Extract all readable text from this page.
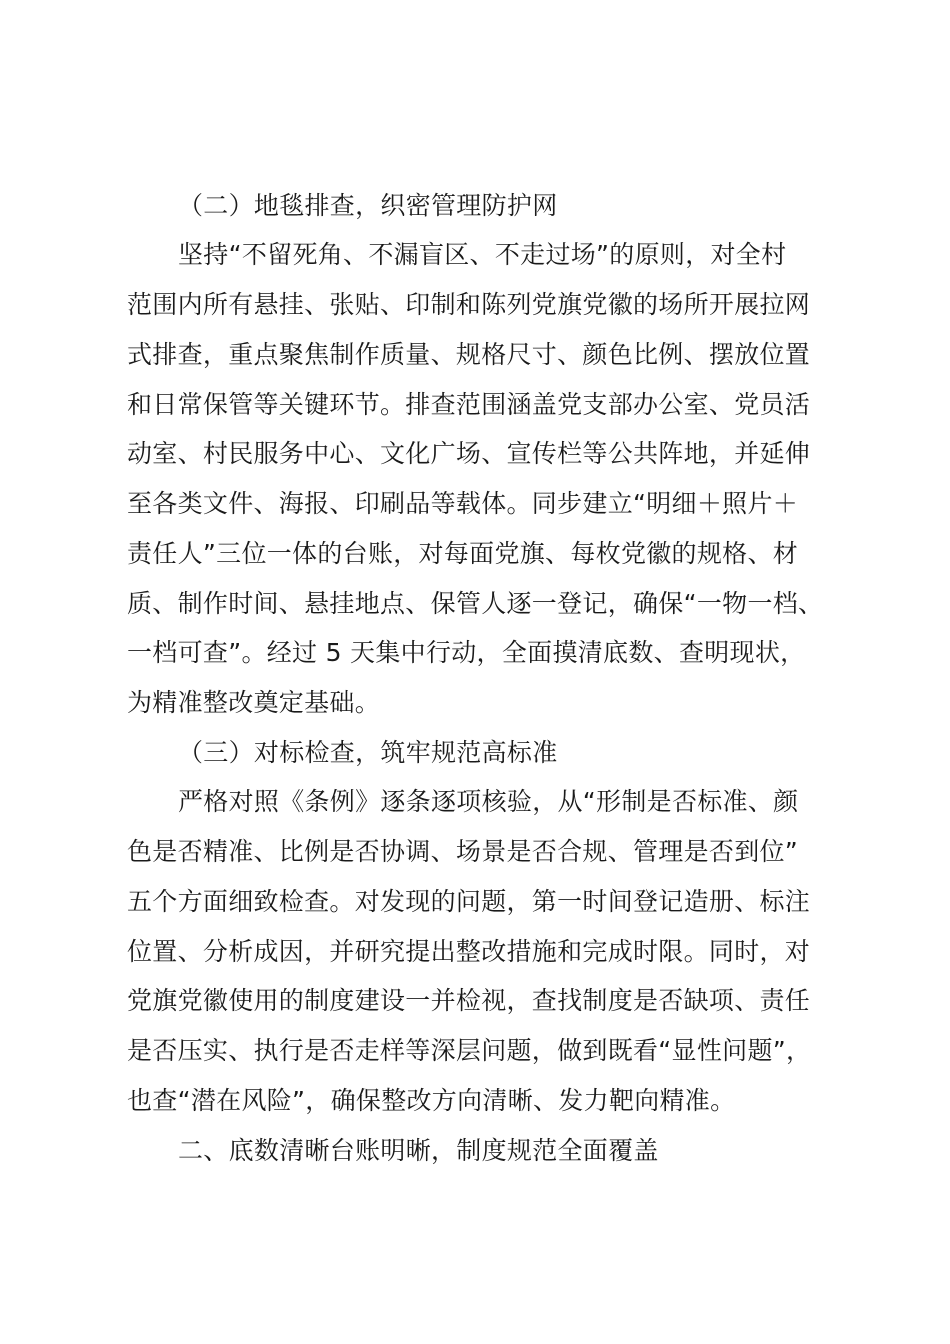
（二）地毯排查，织密管理防护网
坚持“不留死角、不漏盲区、不走过场”的原则，对全村
范围内所有悬挂、张贴、印制和陈列党旗党徽的场所开展拉网
式排查，重点聚焦制作质量、规格尺寸、颜色比例、摆放位置
和日常保管等关键环节。排查范围涵盖党支部办公室、党员活
动室、村民服务中心、文化广场、宣传栏等公共阵地，并延伸
至各类文件、海报、印刷品等载体。同步建立“明细＋照片＋
责任人”三位一体的台账，对每面党旗、每枚党徽的规格、材
质、制作时间、悬挂地点、保管人逐一登记，确保“一物一档、
一档可查”。经过 5 天集中行动，全面摸清底数、查明现状，
为精准整改奠定基础。
（三）对标检查，筑牢规范高标准
严格对照《条例》逐条逐项核验，从“形制是否标准、颜
色是否精准、比例是否协调、场景是否合规、管理是否到位”
五个方面细致检查。对发现的问题，第一时间登记造册、标注
位置、分析成因，并研究提出整改措施和完成时限。同时，对
党旗党徽使用的制度建设一并检视，查找制度是否缺项、责任
是否压实、执行是否走样等深层问题，做到既看“显性问题”，
也查“潜在风险”，确保整改方向清晰、发力靶向精准。
二、底数清晰台账明晰，制度规范全面覆盖
